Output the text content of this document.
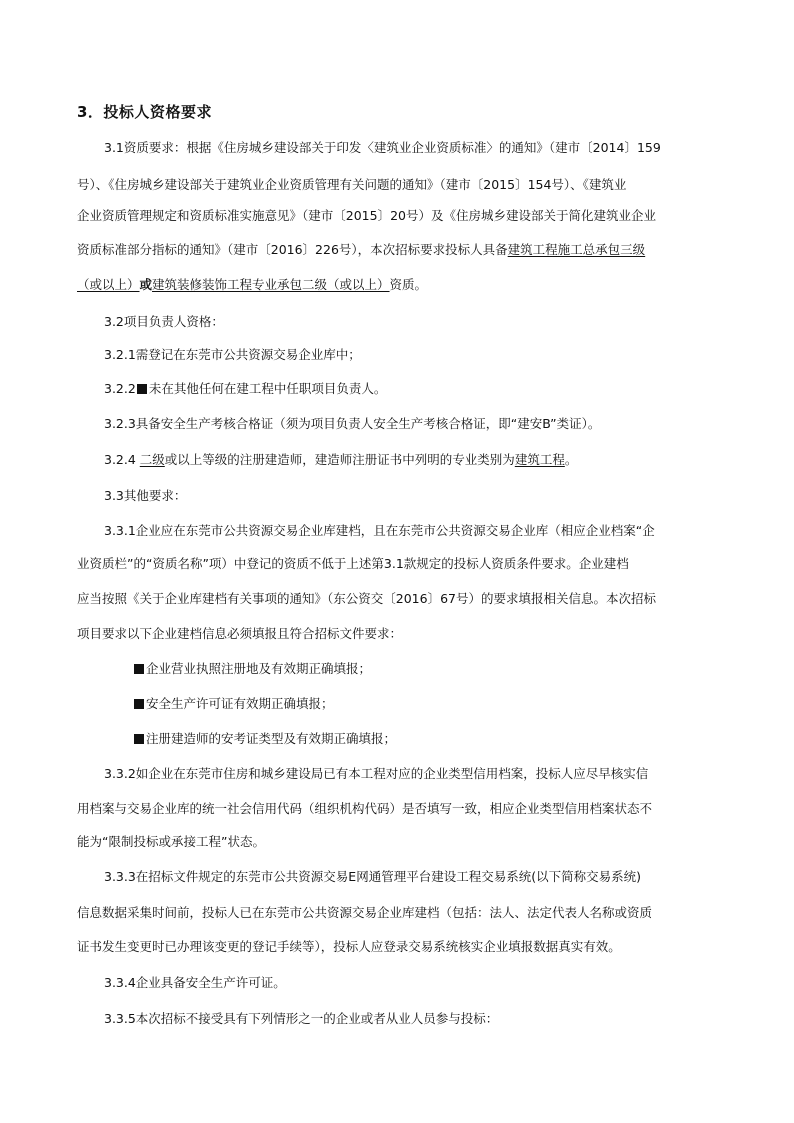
3．投标人资格要求
3.1资质要求：根据《住房城乡建设部关于印发〈建筑业企业资质标准〉的通知》（建市〔2014〕159
号）、《住房城乡建设部关于建筑业企业资质管理有关问题的通知》（建市〔2015〕154号）、《建筑业
企业资质管理规定和资质标准实施意见》（建市〔2015〕20号）及《住房城乡建设部关于简化建筑业企业
资质标准部分指标的通知》（建市〔2016〕226号），本次招标要求投标人具备建筑工程施工总承包三级
（或以上）或建筑装修装饰工程专业承包二级（或以上）资质。
3.2项目负责人资格：
3.2.1需登记在东莞市公共资源交易企业库中；
3.2.2 未在其他任何在建工程中任职项目负责人。
3.2.3具备安全生产考核合格证（须为项目负责人安全生产考核合格证，即“建安B”类证）。
3.2.4 二级或以上等级的注册建造师，建造师注册证书中列明的专业类别为建筑工程。
3.3其他要求：
3.3.1企业应在东莞市公共资源交易企业库建档，且在东莞市公共资源交易企业库（相应企业档案“企
业资质栏”的“资质名称”项）中登记的资质不低于上述第3.1款规定的投标人资质条件要求。企业建档
应当按照《关于企业库建档有关事项的通知》（东公资交〔2016〕67号）的要求填报相关信息。本次招标
项目要求以下企业建档信息必须填报且符合招标文件要求：
企业营业执照注册地及有效期正确填报；
安全生产许可证有效期正确填报；
注册建造师的安考证类型及有效期正确填报；
3.3.2如企业在东莞市住房和城乡建设局已有本工程对应的企业类型信用档案，投标人应尽早核实信
用档案与交易企业库的统一社会信用代码（组织机构代码）是否填写一致，相应企业类型信用档案状态不
能为“限制投标或承接工程”状态。
3.3.3在招标文件规定的东莞市公共资源交易E网通管理平台建设工程交易系统(以下简称交易系统)
信息数据采集时间前，投标人已在东莞市公共资源交易企业库建档（包括：法人、法定代表人名称或资质
证书发生变更时已办理该变更的登记手续等），投标人应登录交易系统核实企业填报数据真实有效。
3.3.4企业具备安全生产许可证。
3.3.5本次招标不接受具有下列情形之一的企业或者从业人员参与投标：
